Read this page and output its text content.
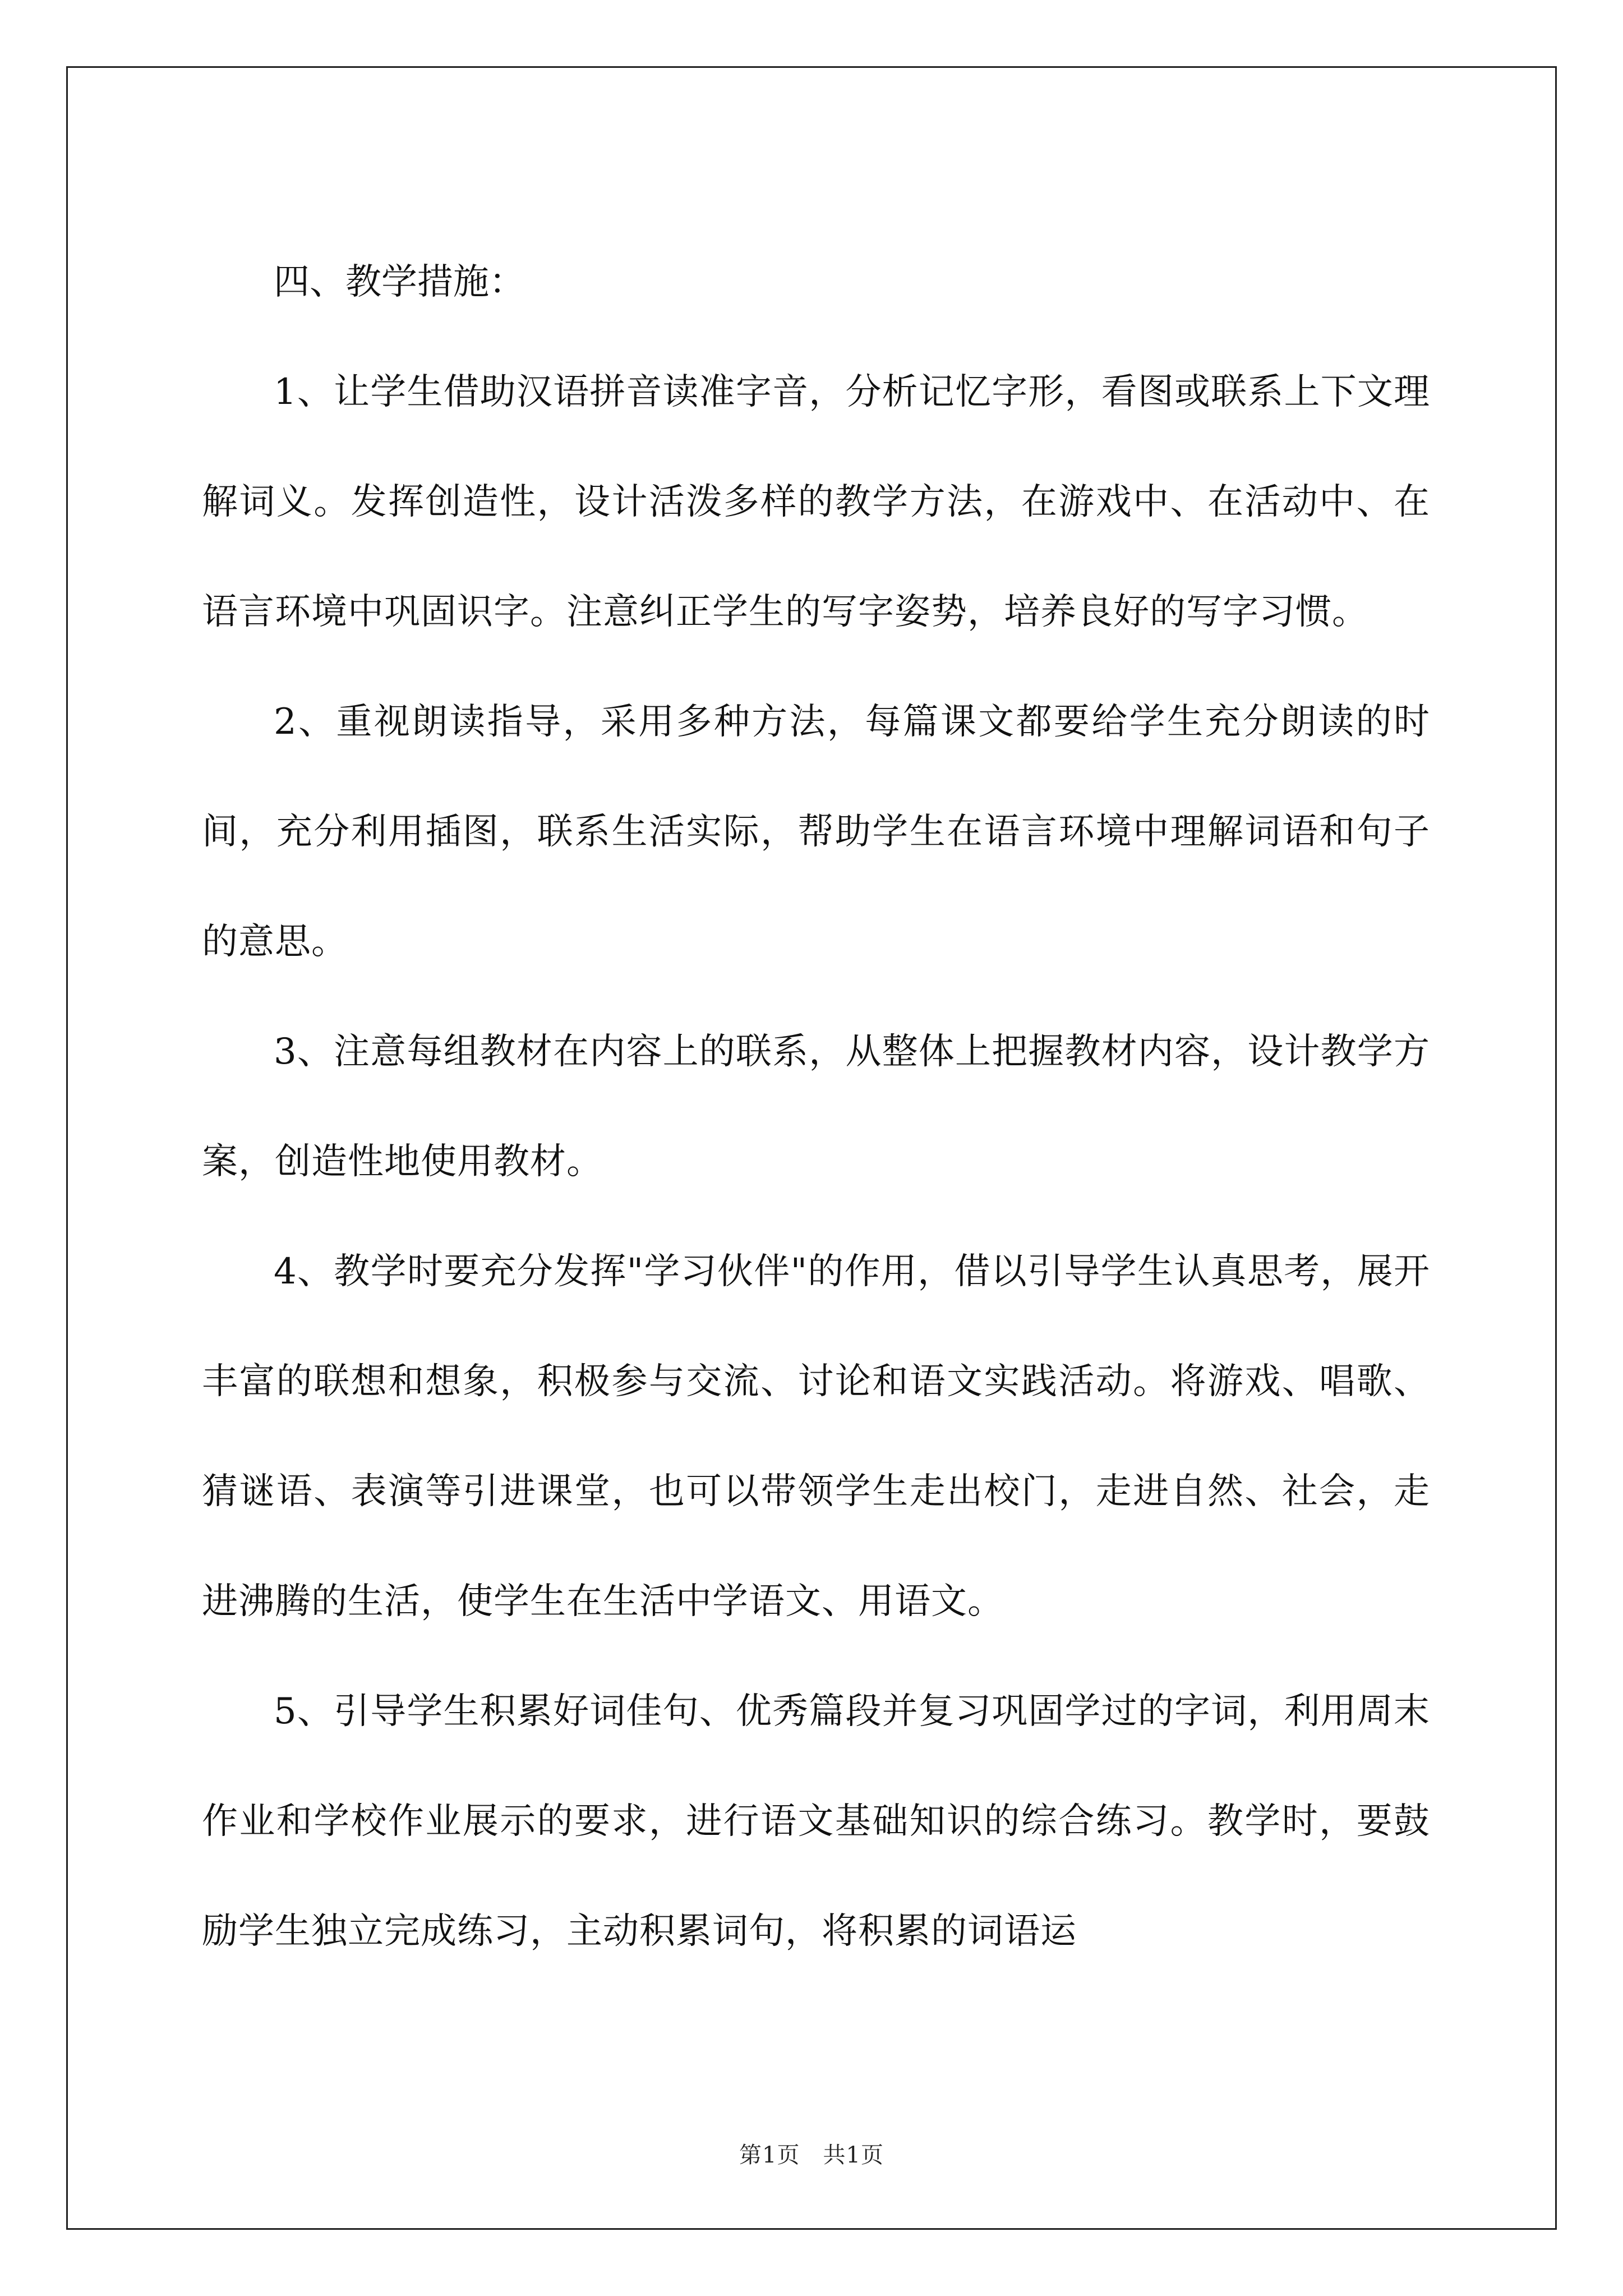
四、教学措施：

1、让学生借助汉语拼音读准字音，分析记忆字形，看图或联系上下文理解词义。发挥创造性，设计活泼多样的教学方法，在游戏中、在活动中、在语言环境中巩固识字。注意纠正学生的写字姿势，培养良好的写字习惯。

2、重视朗读指导，采用多种方法，每篇课文都要给学生充分朗读的时间，充分利用插图，联系生活实际，帮助学生在语言环境中理解词语和句子的意思。

3、注意每组教材在内容上的联系，从整体上把握教材内容，设计教学方案，创造性地使用教材。

4、教学时要充分发挥"学习伙伴"的作用，借以引导学生认真思考，展开丰富的联想和想象，积极参与交流、讨论和语文实践活动。将游戏、唱歌、猜谜语、表演等引进课堂，也可以带领学生走出校门，走进自然、社会，走进沸腾的生活，使学生在生活中学语文、用语文。

5、引导学生积累好词佳句、优秀篇段并复习巩固学过的字词，利用周末作业和学校作业展示的要求，进行语文基础知识的综合练习。教学时，要鼓励学生独立完成练习，主动积累词句，将积累的词语运

第1页　共1页
